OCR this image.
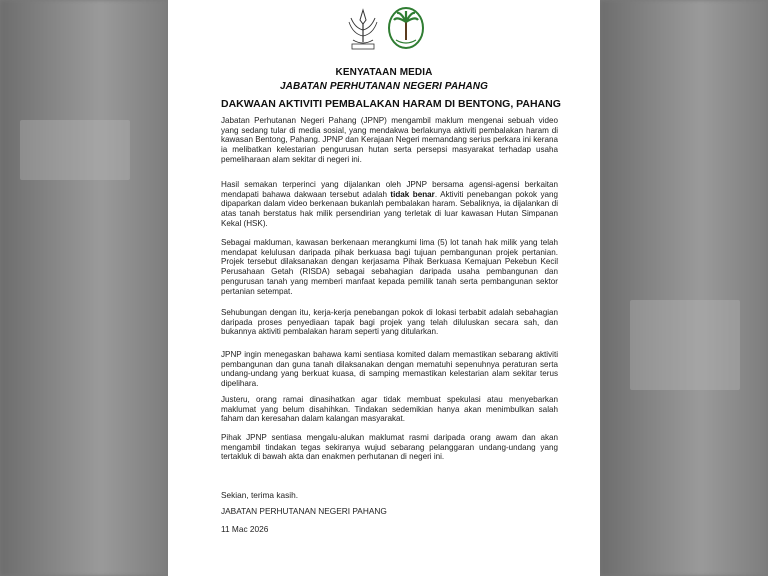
KENYATAAN MEDIA
JABATAN PERHUTANAN NEGERI PAHANG
DAKWAAN AKTIVITI PEMBALAKAN HARAM DI BENTONG, PAHANG
Jabatan Perhutanan Negeri Pahang (JPNP) mengambil maklum mengenai sebuah video yang sedang tular di media sosial, yang mendakwa berlakunya aktiviti pembalakan haram di kawasan Bentong, Pahang. JPNP dan Kerajaan Negeri memandang serius perkara ini kerana ia melibatkan kelestarian pengurusan hutan serta persepsi masyarakat terhadap usaha pemeliharaan alam sekitar di negeri ini.
Hasil semakan terperinci yang dijalankan oleh JPNP bersama agensi-agensi berkaitan mendapati bahawa dakwaan tersebut adalah tidak benar. Aktiviti penebangan pokok yang dipaparkan dalam video berkenaan bukanlah pembalakan haram. Sebaliknya, ia dijalankan di atas tanah berstatus hak milik persendirian yang terletak di luar kawasan Hutan Simpanan Kekal (HSK).
Sebagai makluman, kawasan berkenaan merangkumi lima (5) lot tanah hak milik yang telah mendapat kelulusan daripada pihak berkuasa bagi tujuan pembangunan projek pertanian. Projek tersebut dilaksanakan dengan kerjasama Pihak Berkuasa Kemajuan Pekebun Kecil Perusahaan Getah (RISDA) sebagai sebahagian daripada usaha pembangunan dan pengurusan tanah yang memberi manfaat kepada pemilik tanah serta pembangunan sektor pertanian setempat.
Sehubungan dengan itu, kerja-kerja penebangan pokok di lokasi terbabit adalah sebahagian daripada proses penyediaan tapak bagi projek yang telah diluluskan secara sah, dan bukannya aktiviti pembalakan haram seperti yang ditularkan.
JPNP ingin menegaskan bahawa kami sentiasa komited dalam memastikan sebarang aktiviti pembangunan dan guna tanah dilaksanakan dengan mematuhi sepenuhnya peraturan serta undang-undang yang berkuat kuasa, di samping memastikan kelestarian alam sekitar terus dipelihara.
Justeru, orang ramai dinasihatkan agar tidak membuat spekulasi atau menyebarkan maklumat yang belum disahihkan. Tindakan sedemikian hanya akan menimbulkan salah faham dan keresahan dalam kalangan masyarakat.
Pihak JPNP sentiasa mengalu-alukan maklumat rasmi daripada orang awam dan akan mengambil tindakan tegas sekiranya wujud sebarang pelanggaran undang-undang yang tertakluk di bawah akta dan enakmen perhutanan di negeri ini.
Sekian, terima kasih.
JABATAN PERHUTANAN NEGERI PAHANG
11 Mac 2026
